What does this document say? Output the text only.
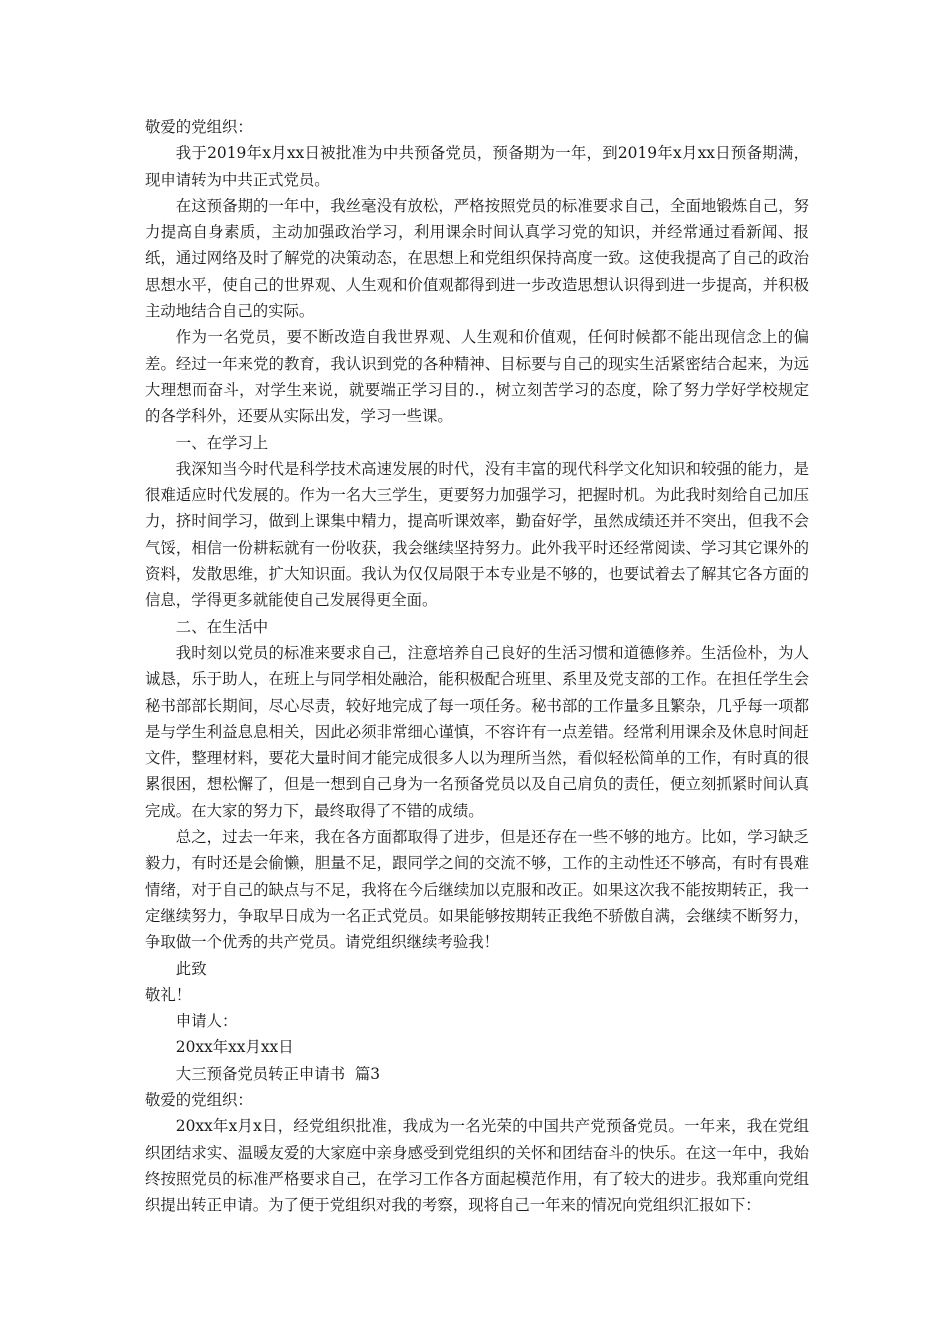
敬爱的党组织：

我于2019年x月xx日被批准为中共预备党员，预备期为一年，到2019年x月xx日预备期满，现申请转为中共正式党员。

在这预备期的一年中，我丝毫没有放松，严格按照党员的标准要求自己，全面地锻炼自己，努力提高自身素质，主动加强政治学习，利用课余时间认真学习党的知识，并经常通过看新闻、报纸，通过网络及时了解党的决策动态，在思想上和党组织保持高度一致。这使我提高了自己的政治思想水平，使自己的世界观、人生观和价值观都得到进一步改造思想认识得到进一步提高，并积极主动地结合自己的实际。

作为一名党员，要不断改造自我世界观、人生观和价值观，任何时候都不能出现信念上的偏差。经过一年来党的教育，我认识到党的各种精神、目标要与自己的现实生活紧密结合起来，为远大理想而奋斗，对学生来说，就要端正学习目的.，树立刻苦学习的态度，除了努力学好学校规定的各学科外，还要从实际出发，学习一些课。

一、在学习上

我深知当今时代是科学技术高速发展的时代，没有丰富的现代科学文化知识和较强的能力，是很难适应时代发展的。作为一名大三学生，更要努力加强学习，把握时机。为此我时刻给自己加压力，挤时间学习，做到上课集中精力，提高听课效率，勤奋好学，虽然成绩还并不突出，但我不会气馁，相信一份耕耘就有一份收获，我会继续坚持努力。此外我平时还经常阅读、学习其它课外的资料，发散思维，扩大知识面。我认为仅仅局限于本专业是不够的，也要试着去了解其它各方面的信息，学得更多就能使自己发展得更全面。

二、在生活中

我时刻以党员的标准来要求自己，注意培养自己良好的生活习惯和道德修养。生活俭朴，为人诚恳，乐于助人，在班上与同学相处融洽，能积极配合班里、系里及党支部的工作。在担任学生会秘书部部长期间，尽心尽责，较好地完成了每一项任务。秘书部的工作量多且繁杂，几乎每一项都是与学生利益息息相关，因此必须非常细心谨慎，不容许有一点差错。经常利用课余及休息时间赶文件，整理材料，要花大量时间才能完成很多人以为理所当然，看似轻松简单的工作，有时真的很累很困，想松懈了，但是一想到自己身为一名预备党员以及自己肩负的责任，便立刻抓紧时间认真完成。在大家的努力下，最终取得了不错的成绩。

总之，过去一年来，我在各方面都取得了进步，但是还存在一些不够的地方。比如，学习缺乏毅力，有时还是会偷懒，胆量不足，跟同学之间的交流不够，工作的主动性还不够高，有时有畏难情绪，对于自己的缺点与不足，我将在今后继续加以克服和改正。如果这次我不能按期转正，我一定继续努力，争取早日成为一名正式党员。如果能够按期转正我绝不骄傲自满，会继续不断努力，争取做一个优秀的共产党员。请党组织继续考验我！

此致

敬礼！

申请人：

20xx年xx月xx日

大三预备党员转正申请书  篇3

敬爱的党组织：

20xx年x月x日，经党组织批准，我成为一名光荣的中国共产党预备党员。一年来，我在党组织团结求实、温暖友爱的大家庭中亲身感受到党组织的关怀和团结奋斗的快乐。在这一年中，我始终按照党员的标准严格要求自己，在学习工作各方面起模范作用，有了较大的进步。我郑重向党组织提出转正申请。为了便于党组织对我的考察，现将自己一年来的情况向党组织汇报如下：
